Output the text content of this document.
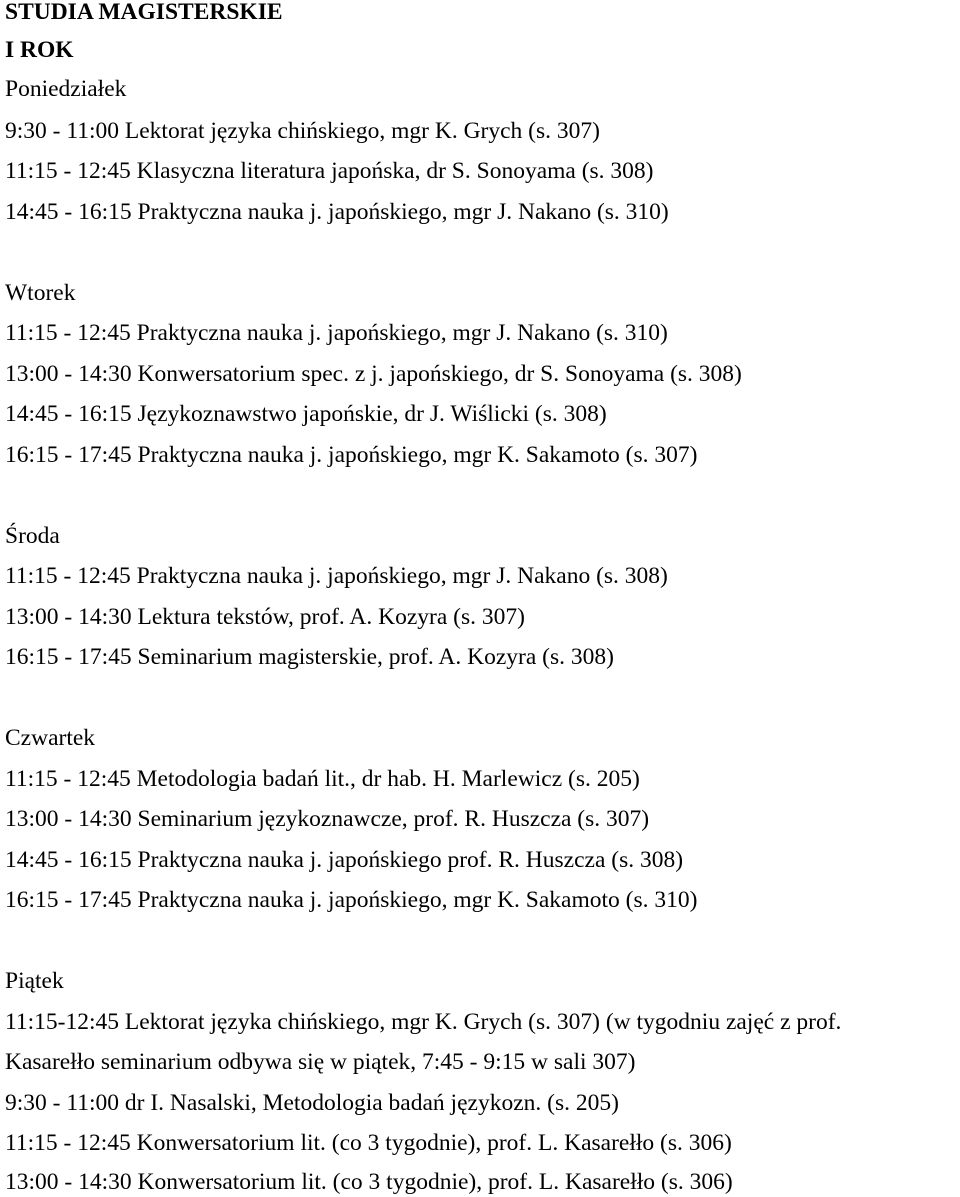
STUDIA MAGISTERSKIE
I ROK
Poniedziałek
9:30 - 11:00 Lektorat języka chińskiego, mgr K. Grych (s. 307)
11:15 - 12:45 Klasyczna literatura japońska, dr S. Sonoyama (s. 308)
14:45 - 16:15 Praktyczna nauka j. japońskiego, mgr J. Nakano (s. 310)
Wtorek
11:15 - 12:45 Praktyczna nauka j. japońskiego, mgr J. Nakano (s. 310)
13:00 - 14:30 Konwersatorium spec. z j. japońskiego, dr S. Sonoyama (s. 308)
14:45 - 16:15 Językoznawstwo japońskie, dr J. Wiślicki (s. 308)
16:15 - 17:45 Praktyczna nauka j. japońskiego, mgr K. Sakamoto (s. 307)
Środa
11:15 - 12:45 Praktyczna nauka j. japońskiego, mgr J. Nakano (s. 308)
13:00 - 14:30 Lektura tekstów, prof. A. Kozyra (s. 307)
16:15 - 17:45 Seminarium magisterskie, prof. A. Kozyra (s. 308)
Czwartek
11:15 - 12:45 Metodologia badań lit., dr hab. H. Marlewicz (s. 205)
13:00 - 14:30 Seminarium językoznawcze, prof. R. Huszcza (s. 307)
14:45 - 16:15 Praktyczna nauka j. japońskiego prof. R. Huszcza (s. 308)
16:15 - 17:45 Praktyczna nauka j. japońskiego, mgr K. Sakamoto (s. 310)
Piątek
11:15-12:45 Lektorat języka chińskiego, mgr K. Grych (s. 307) (w tygodniu zajęć z prof.
Kasarełło seminarium odbywa się w piątek, 7:45 - 9:15 w sali 307)
9:30 - 11:00 dr I. Nasalski, Metodologia badań językozn. (s. 205)
11:15 - 12:45 Konwersatorium lit. (co 3 tygodnie), prof. L. Kasarełło (s. 306)
13:00 - 14:30 Konwersatorium lit. (co 3 tygodnie), prof. L. Kasarełło (s. 306)
